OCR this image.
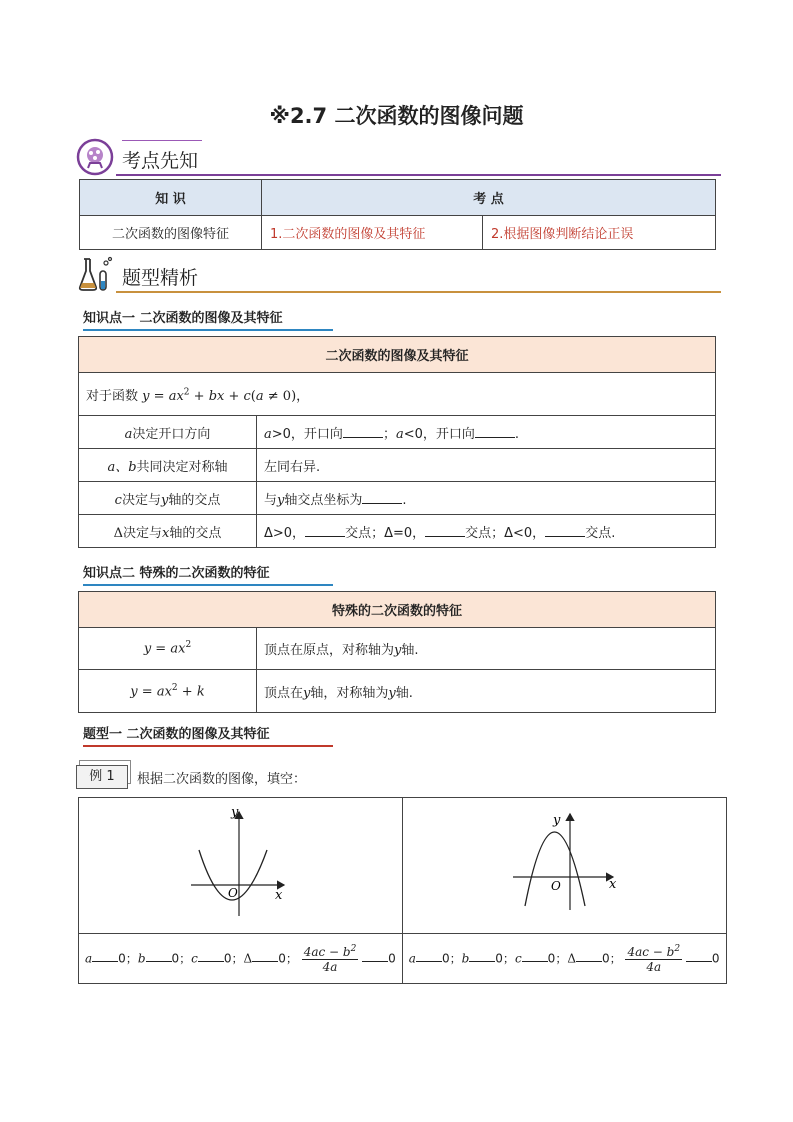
※2.7 二次函数的图像问题
考点先知
知 识	考 点	
二次函数的图像特征	1.二次函数的图像及其特征	2.根据图像判断结论正误
题型精析
知识点一 二次函数的图像及其特征
二次函数的图像及其特征	
对于函数 $y = ax^2$ + bx + c(a ≠ 0)，	
a决定开口方向	a>0，开口向 ；a<0，开口向 .
a、b共同决定对称轴	左同右异.
c决定与y轴的交点	与y轴交点坐标为 .
Δ决定与x轴的交点	Δ>0， 交点；Δ=0， 交点；Δ<0， 交点.
知识点二 特殊的二次函数的特征
特殊的二次函数的特征	
$y = ax^2$	顶点在原点，对称轴为y轴.
$y = ax^2 + k$	顶点在y轴，对称轴为y轴.
题型一 二次函数的图像及其特征
例 1	根据二次函数的图像，填空：
y
x
O	y
x
O

a 0；b 0；c 0；Δ 0； $\frac{4ac - b^2}{4a} 0$	a 0；b 0；c 0；Δ 0； $\frac{4ac - b^2}{4a} 0$
